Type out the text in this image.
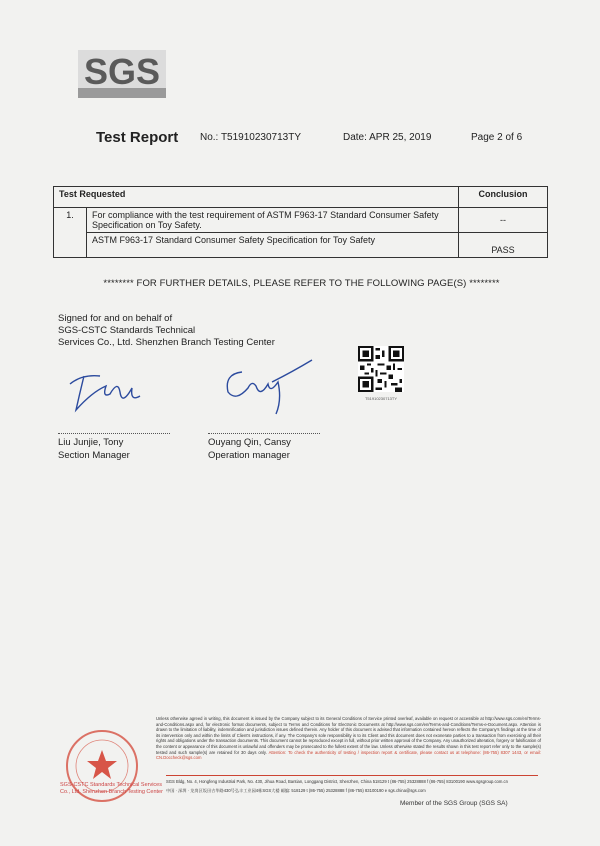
SGS
Test Report No.: T51910230713TY	Date: APR 25, 2019	Page 2 of 6
Test Requested		Conclusion
1.	For compliance with the test requirement of ASTM F963-17 Standard Consumer Safety Specification on Toy Safety.	--
	ASTM F963-17 Standard Consumer Safety Specification for Toy Safety	PASS
******** FOR FURTHER DETAILS, PLEASE REFER TO THE FOLLOWING PAGE(S) ********
Signed for and on behalf of
SGS-CSTC Standards Technical
Services Co., Ltd. Shenzhen Branch Testing Center
Liu Junjie, Tony
Section Manager
Ouyang Qin, Cansy
Operation manager
T51910230713TY
SGS-CSTC Standards Technical Services Co., Ltd. Shenzhen Branch Testing Center
Unless otherwise agreed in writing, this document is issued by the Company subject to its General Conditions of Service printed overleaf, available on request or accessible at http://www.sgs.com/en/Terms-and-Conditions.aspx and, for electronic format documents, subject to Terms and Conditions for Electronic Documents at http://www.sgs.com/en/Terms-and-Conditions/Terms-e-Document.aspx. Attention is drawn to the limitation of liability, indemnification and jurisdiction issues defined therein. Any holder of this document is advised that information contained hereon reflects the Company's findings at the time of its intervention only and within the limits of Client's instructions, if any. The Company's sole responsibility is to its Client and this document does not exonerate parties to a transaction from exercising all their rights and obligations under the transaction documents. This document cannot be reproduced except in full, without prior written approval of the Company. Any unauthorized alteration, forgery or falsification of the content or appearance of this document is unlawful and offenders may be prosecuted to the fullest extent of the law. Unless otherwise stated the results shown in this test report refer only to the sample(s) tested and such sample(s) are retained for 30 days only. Attention: To check the authenticity of testing / inspection report & certificate, please contact us at telephone: (86-755) 8307 1443, or email: CN.Doccheck@sgs.com
SGS Bldg, No. 4, Hongfeng Industrial Park, No. 430, Jihua Road, Bantian, Longgang District, Shenzhen, China 518129 t (86-755) 25328888 f (86-755) 83100190 www.sgsgroup.com.cn
中国 · 深圳 · 龙岗区坂田吉华路430号弘丰工业园4栋SGS大楼 邮编: 518129 t (86-755) 25328888 f (86-755) 83100190 e sgs.china@sgs.com
Member of the SGS Group (SGS SA)
